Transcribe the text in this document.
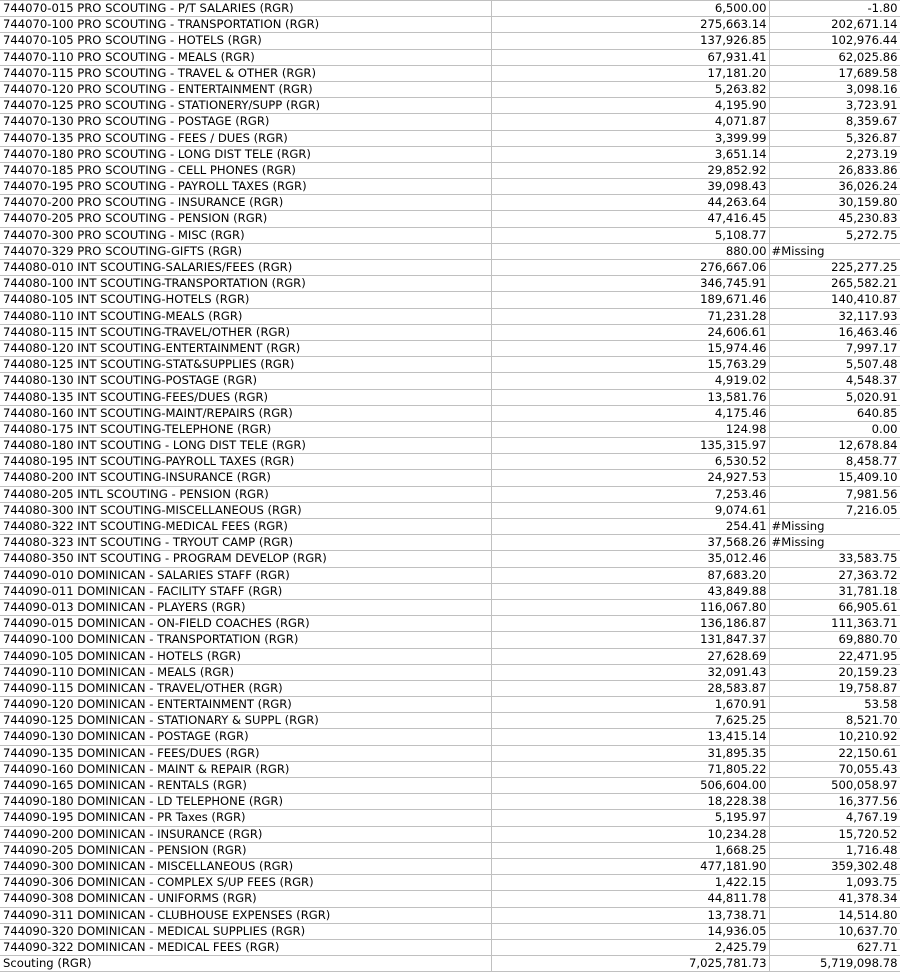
744070-015 PRO SCOUTING - P/T SALARIES (RGR)	6,500.00	-1.80
744070-100 PRO SCOUTING - TRANSPORTATION (RGR)	275,663.14	202,671.14
744070-105 PRO SCOUTING - HOTELS (RGR)	137,926.85	102,976.44
744070-110 PRO SCOUTING - MEALS (RGR)	67,931.41	62,025.86
744070-115 PRO SCOUTING - TRAVEL & OTHER (RGR)	17,181.20	17,689.58
744070-120 PRO SCOUTING - ENTERTAINMENT (RGR)	5,263.82	3,098.16
744070-125 PRO SCOUTING - STATIONERY/SUPP (RGR)	4,195.90	3,723.91
744070-130 PRO SCOUTING - POSTAGE (RGR)	4,071.87	8,359.67
744070-135 PRO SCOUTING - FEES / DUES (RGR)	3,399.99	5,326.87
744070-180 PRO SCOUTING - LONG DIST TELE (RGR)	3,651.14	2,273.19
744070-185 PRO SCOUTING - CELL PHONES (RGR)	29,852.92	26,833.86
744070-195 PRO SCOUTING - PAYROLL TAXES (RGR)	39,098.43	36,026.24
744070-200 PRO SCOUTING - INSURANCE (RGR)	44,263.64	30,159.80
744070-205 PRO SCOUTING - PENSION (RGR)	47,416.45	45,230.83
744070-300 PRO SCOUTING - MISC (RGR)	5,108.77	5,272.75
744070-329 PRO SCOUTING-GIFTS (RGR)	880.00	#Missing
744080-010 INT SCOUTING-SALARIES/FEES (RGR)	276,667.06	225,277.25
744080-100 INT SCOUTING-TRANSPORTATION (RGR)	346,745.91	265,582.21
744080-105 INT SCOUTING-HOTELS (RGR)	189,671.46	140,410.87
744080-110 INT SCOUTING-MEALS (RGR)	71,231.28	32,117.93
744080-115 INT SCOUTING-TRAVEL/OTHER (RGR)	24,606.61	16,463.46
744080-120 INT SCOUTING-ENTERTAINMENT (RGR)	15,974.46	7,997.17
744080-125 INT SCOUTING-STAT&SUPPLIES (RGR)	15,763.29	5,507.48
744080-130 INT SCOUTING-POSTAGE (RGR)	4,919.02	4,548.37
744080-135 INT SCOUTING-FEES/DUES (RGR)	13,581.76	5,020.91
744080-160 INT SCOUTING-MAINT/REPAIRS (RGR)	4,175.46	640.85
744080-175 INT SCOUTING-TELEPHONE (RGR)	124.98	0.00
744080-180 INT SCOUTING - LONG DIST TELE (RGR)	135,315.97	12,678.84
744080-195 INT SCOUTING-PAYROLL TAXES (RGR)	6,530.52	8,458.77
744080-200 INT SCOUTING-INSURANCE (RGR)	24,927.53	15,409.10
744080-205 INTL SCOUTING - PENSION (RGR)	7,253.46	7,981.56
744080-300 INT SCOUTING-MISCELLANEOUS (RGR)	9,074.61	7,216.05
744080-322 INT SCOUTING-MEDICAL FEES (RGR)	254.41	#Missing
744080-323 INT SCOUTING - TRYOUT CAMP (RGR)	37,568.26	#Missing
744080-350 INT SCOUTING - PROGRAM DEVELOP (RGR)	35,012.46	33,583.75
744090-010 DOMINICAN - SALARIES STAFF (RGR)	87,683.20	27,363.72
744090-011 DOMINICAN - FACILITY STAFF (RGR)	43,849.88	31,781.18
744090-013 DOMINICAN - PLAYERS (RGR)	116,067.80	66,905.61
744090-015 DOMINICAN - ON-FIELD COACHES (RGR)	136,186.87	111,363.71
744090-100 DOMINICAN - TRANSPORTATION (RGR)	131,847.37	69,880.70
744090-105 DOMINICAN - HOTELS (RGR)	27,628.69	22,471.95
744090-110 DOMINICAN - MEALS (RGR)	32,091.43	20,159.23
744090-115 DOMINICAN - TRAVEL/OTHER (RGR)	28,583.87	19,758.87
744090-120 DOMINICAN - ENTERTAINMENT (RGR)	1,670.91	53.58
744090-125 DOMINICAN - STATIONARY & SUPPL (RGR)	7,625.25	8,521.70
744090-130 DOMINICAN - POSTAGE (RGR)	13,415.14	10,210.92
744090-135 DOMINICAN - FEES/DUES (RGR)	31,895.35	22,150.61
744090-160 DOMINICAN - MAINT & REPAIR (RGR)	71,805.22	70,055.43
744090-165 DOMINICAN - RENTALS (RGR)	506,604.00	500,058.97
744090-180 DOMINICAN - LD TELEPHONE (RGR)	18,228.38	16,377.56
744090-195 DOMINICAN - PR Taxes (RGR)	5,195.97	4,767.19
744090-200 DOMINICAN - INSURANCE (RGR)	10,234.28	15,720.52
744090-205 DOMINICAN - PENSION (RGR)	1,668.25	1,716.48
744090-300 DOMINICAN - MISCELLANEOUS (RGR)	477,181.90	359,302.48
744090-306 DOMINICAN - COMPLEX S/UP FEES (RGR)	1,422.15	1,093.75
744090-308 DOMINICAN - UNIFORMS (RGR)	44,811.78	41,378.34
744090-311 DOMINICAN - CLUBHOUSE EXPENSES (RGR)	13,738.71	14,514.80
744090-320 DOMINICAN - MEDICAL SUPPLIES (RGR)	14,936.05	10,637.70
744090-322 DOMINICAN - MEDICAL FEES (RGR)	2,425.79	627.71
Scouting (RGR)	7,025,781.73	5,719,098.78
